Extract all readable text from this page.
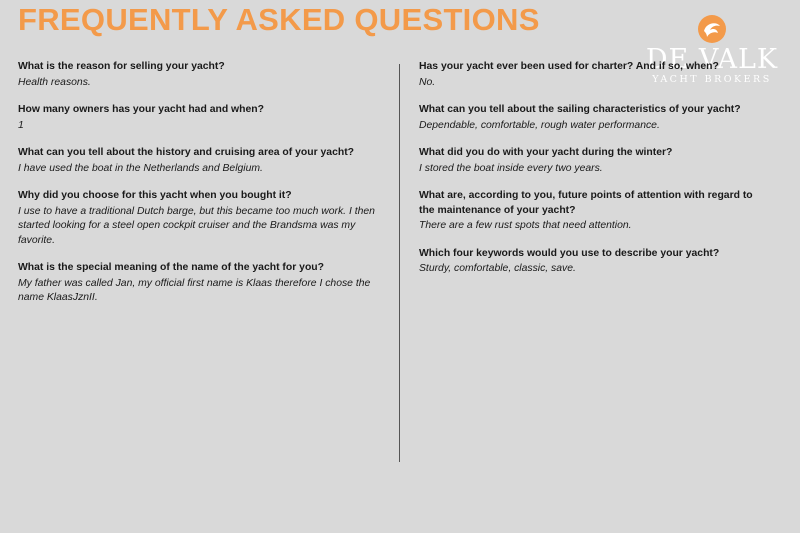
FREQUENTLY ASKED QUESTIONS
DE VALK
YACHT BROKERS
What is the reason for selling your yacht?
Health reasons.
How many owners has your yacht had and when?
1
What can you tell about the history and cruising area of your yacht?
I have used the boat in the Netherlands and Belgium.
Why did you choose for this yacht when you bought it?
I use to have a traditional Dutch barge, but this became too much work. I then started looking for a steel open cockpit cruiser and the Brandsma was my favorite.
What is the special meaning of the name of the yacht for you?
My father was called Jan, my official first name is Klaas therefore I chose the name KlaasJznII.
Has your yacht ever been used for charter? And if so, when?
No.
What can you tell about the sailing characteristics of your yacht?
Dependable, comfortable, rough water performance.
What did you do with your yacht during the winter?
I stored the boat inside every two years.
What are, according to you, future points of attention with regard to the maintenance of your yacht?
There are a few rust spots that need attention.
Which four keywords would you use to describe your yacht?
Sturdy, comfortable, classic, save.
